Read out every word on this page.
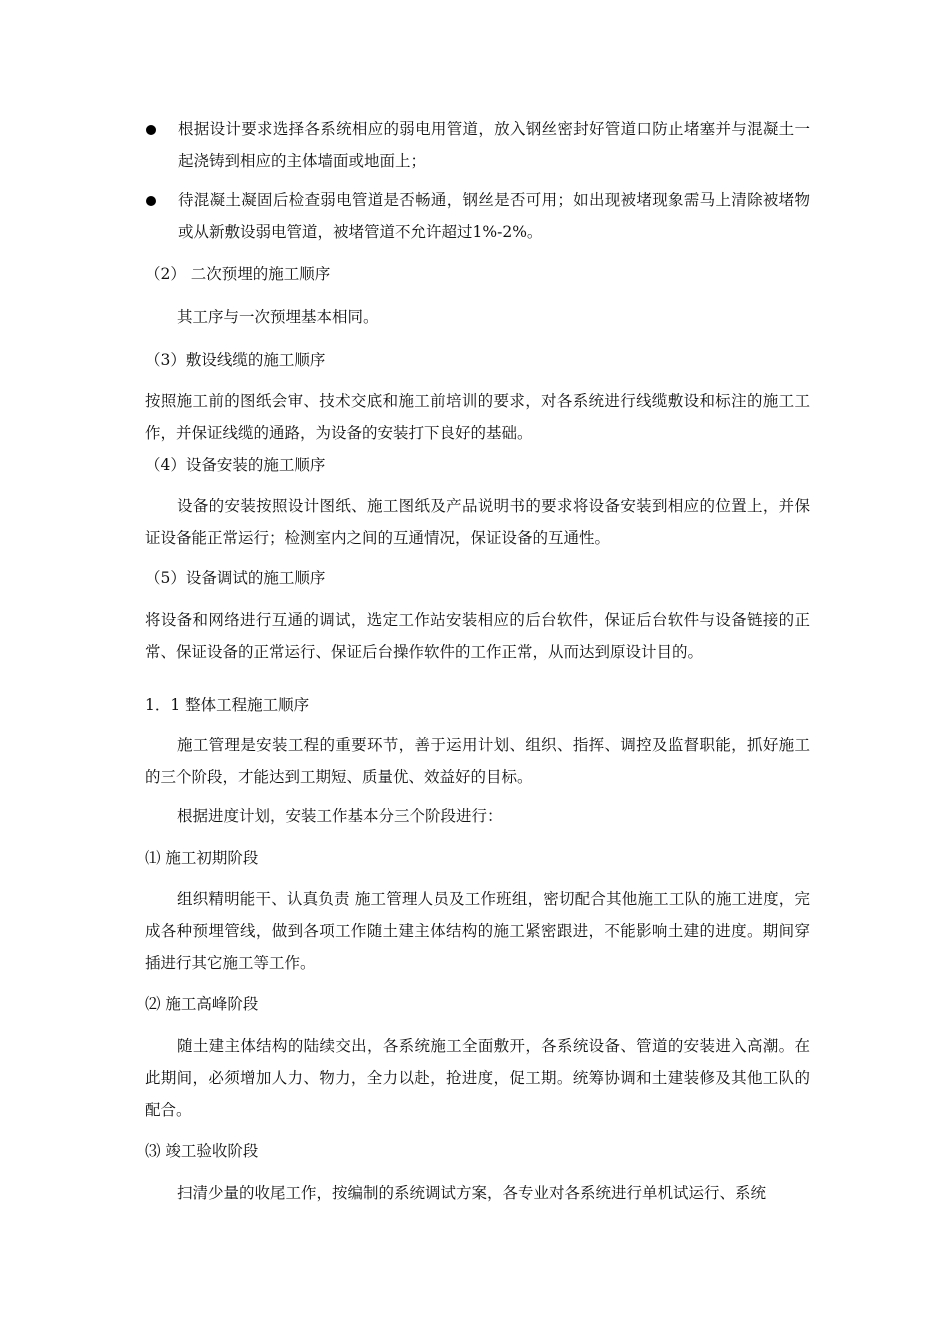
根据设计要求选择各系统相应的弱电用管道，放入钢丝密封好管道口防止堵塞并与混凝土一起浇铸到相应的主体墙面或地面上；
待混凝土凝固后检查弱电管道是否畅通，钢丝是否可用；如出现被堵现象需马上清除被堵物或从新敷设弱电管道，被堵管道不允许超过1%-2%。

（2） 二次预埋的施工顺序

其工序与一次预埋基本相同。

（3）敷设线缆的施工顺序

按照施工前的图纸会审、技术交底和施工前培训的要求，对各系统进行线缆敷设和标注的施工工作，并保证线缆的通路，为设备的安装打下良好的基础。

（4）设备安装的施工顺序

设备的安装按照设计图纸、施工图纸及产品说明书的要求将设备安装到相应的位置上，并保证设备能正常运行；检测室内之间的互通情况，保证设备的互通性。

（5）设备调试的施工顺序

将设备和网络进行互通的调试，选定工作站安装相应的后台软件，保证后台软件与设备链接的正常、保证设备的正常运行、保证后台操作软件的工作正常，从而达到原设计目的。

1．1 整体工程施工顺序

施工管理是安装工程的重要环节，善于运用计划、组织、指挥、调控及监督职能，抓好施工的三个阶段，才能达到工期短、质量优、效益好的目标。

根据进度计划，安装工作基本分三个阶段进行：

⑴ 施工初期阶段

组织精明能干、认真负责 施工管理人员及工作班组，密切配合其他施工工队的施工进度，完成各种预埋管线，做到各项工作随土建主体结构的施工紧密跟进，不能影响土建的进度。期间穿插进行其它施工等工作。

⑵ 施工高峰阶段

随土建主体结构的陆续交出，各系统施工全面敷开，各系统设备、管道的安装进入高潮。在此期间，必须增加人力、物力，全力以赴，抢进度，促工期。统筹协调和土建装修及其他工队的配合。

⑶ 竣工验收阶段

扫清少量的收尾工作，按编制的系统调试方案，各专业对各系统进行单机试运行、系统
